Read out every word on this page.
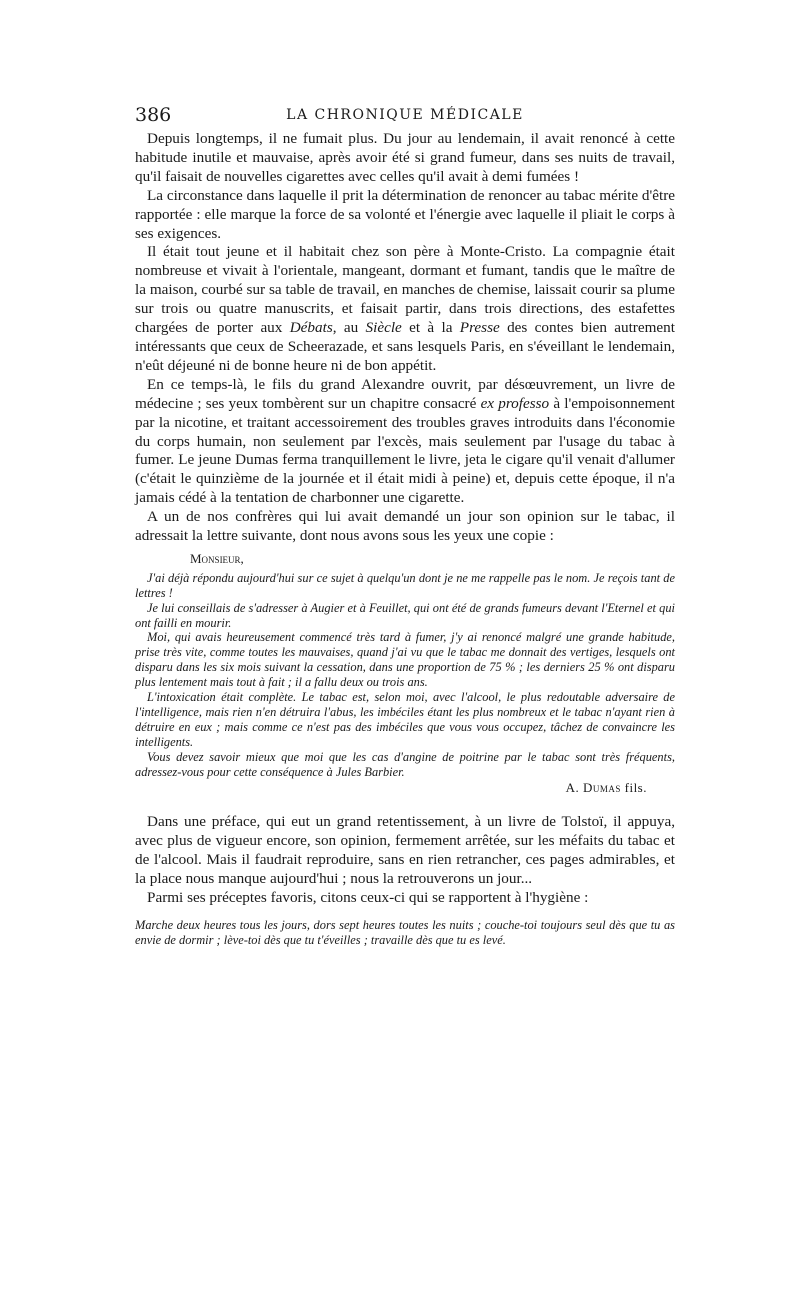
386	LA CHRONIQUE MÉDICALE

Depuis longtemps, il ne fumait plus. Du jour au lendemain, il avait renoncé à cette habitude inutile et mauvaise, après avoir été si grand fumeur, dans ses nuits de travail, qu'il faisait de nouvelles cigarettes avec celles qu'il avait à demi fumées !

La circonstance dans laquelle il prit la détermination de renoncer au tabac mérite d'être rapportée : elle marque la force de sa volonté et l'énergie avec laquelle il pliait le corps à ses exigences.

Il était tout jeune et il habitait chez son père à Monte-Cristo. La compagnie était nombreuse et vivait à l'orientale, mangeant, dormant et fumant, tandis que le maître de la maison, courbé sur sa table de travail, en manches de chemise, laissait courir sa plume sur trois ou quatre manuscrits, et faisait partir, dans trois directions, des estafettes chargées de porter aux Débats, au Siècle et à la Presse des contes bien autrement intéressants que ceux de Scheerazade, et sans lesquels Paris, en s'éveillant le lendemain, n'eût déjeuné ni de bonne heure ni de bon appétit.

En ce temps-là, le fils du grand Alexandre ouvrit, par désœuvrement, un livre de médecine ; ses yeux tombèrent sur un chapitre consacré ex professo à l'empoisonnement par la nicotine, et traitant accessoirement des troubles graves introduits dans l'économie du corps humain, non seulement par l'excès, mais seulement par l'usage du tabac à fumer. Le jeune Dumas ferma tranquillement le livre, jeta le cigare qu'il venait d'allumer (c'était le quinzième de la journée et il était midi à peine) et, depuis cette époque, il n'a jamais cédé à la tentation de charbonner une cigarette.

A un de nos confrères qui lui avait demandé un jour son opinion sur le tabac, il adressait la lettre suivante, dont nous avons sous les yeux une copie :

Monsieur,

J'ai déjà répondu aujourd'hui sur ce sujet à quelqu'un dont je ne me rappelle pas le nom. Je reçois tant de lettres !

Je lui conseillais de s'adresser à Augier et à Feuillet, qui ont été de grands fumeurs devant l'Eternel et qui ont failli en mourir.

Moi, qui avais heureusement commencé très tard à fumer, j'y ai renoncé malgré une grande habitude, prise très vite, comme toutes les mauvaises, quand j'ai vu que le tabac me donnait des vertiges, lesquels ont disparu dans les six mois suivant la cessation, dans une proportion de 75 % ; les derniers 25 % ont disparu plus lentement mais tout à fait ; il a fallu deux ou trois ans.

L'intoxication était complète. Le tabac est, selon moi, avec l'alcool, le plus redoutable adversaire de l'intelligence, mais rien n'en détruira l'abus, les imbéciles étant les plus nombreux et le tabac n'ayant rien à détruire en eux ; mais comme ce n'est pas des imbéciles que vous vous occupez, tâchez de convaincre les intelligents.

Vous devez savoir mieux que moi que les cas d'angine de poitrine par le tabac sont très fréquents, adressez-vous pour cette conséquence à Jules Barbier.

A. Dumas fils.

Dans une préface, qui eut un grand retentissement, à un livre de Tolstoï, il appuya, avec plus de vigueur encore, son opinion, fermement arrêtée, sur les méfaits du tabac et de l'alcool. Mais il faudrait reproduire, sans en rien retrancher, ces pages admirables, et la place nous manque aujourd'hui ; nous la retrouverons un jour...

Parmi ses préceptes favoris, citons ceux-ci qui se rapportent à l'hygiène :

Marche deux heures tous les jours, dors sept heures toutes les nuits ; couche-toi toujours seul dès que tu as envie de dormir ; lève-toi dès que tu t'éveilles ; travaille dès que tu es levé.
